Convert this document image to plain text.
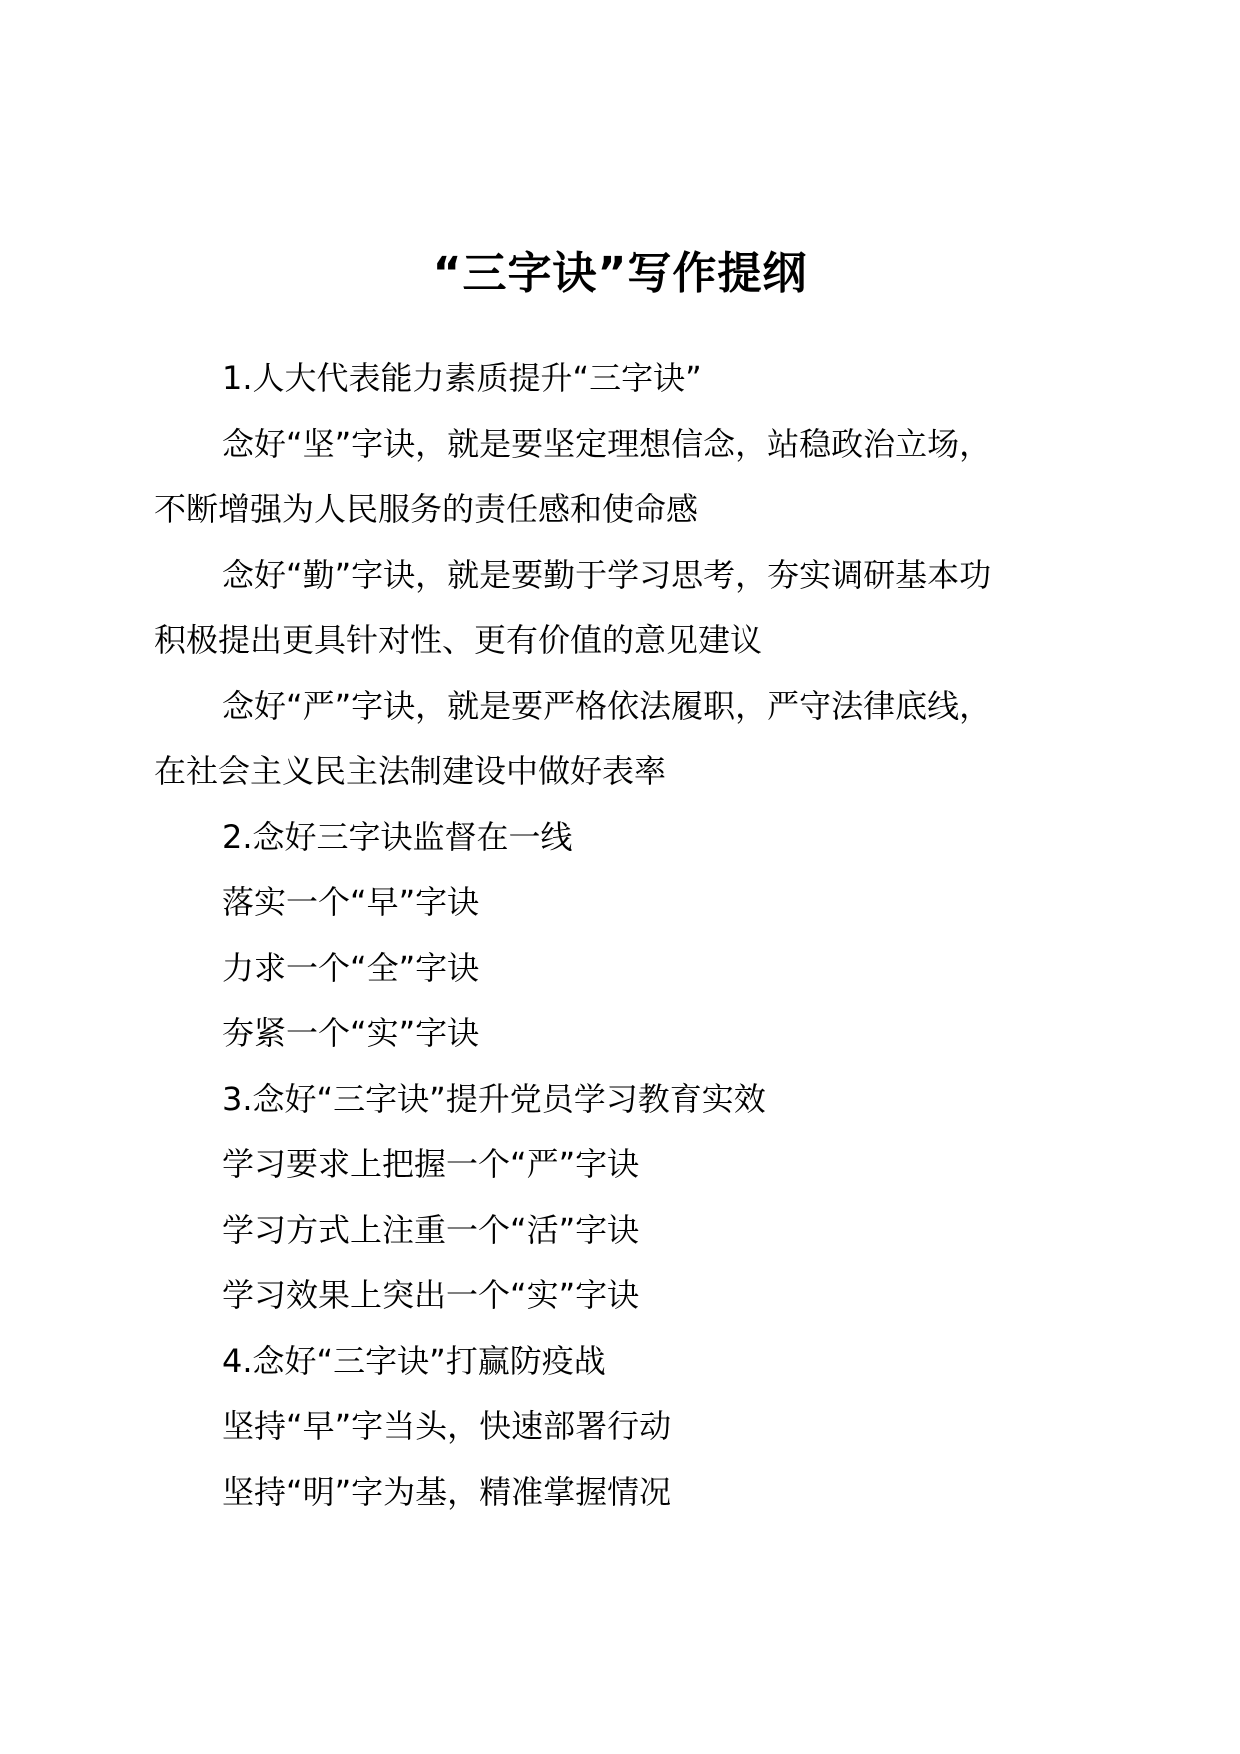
“三字诀”写作提纲
1.人大代表能力素质提升“三字诀”
念好“坚”字诀，就是要坚定理想信念，站稳政治立场，
不断增强为人民服务的责任感和使命感
念好“勤”字诀，就是要勤于学习思考，夯实调研基本功
积极提出更具针对性、更有价值的意见建议
念好“严”字诀，就是要严格依法履职，严守法律底线，
在社会主义民主法制建设中做好表率
2.念好三字诀监督在一线
落实一个“早”字诀
力求一个“全”字诀
夯紧一个“实”字诀
3.念好“三字诀”提升党员学习教育实效
学习要求上把握一个“严”字诀
学习方式上注重一个“活”字诀
学习效果上突出一个“实”字诀
4.念好“三字诀”打赢防疫战
坚持“早”字当头，快速部署行动
坚持“明”字为基，精准掌握情况
